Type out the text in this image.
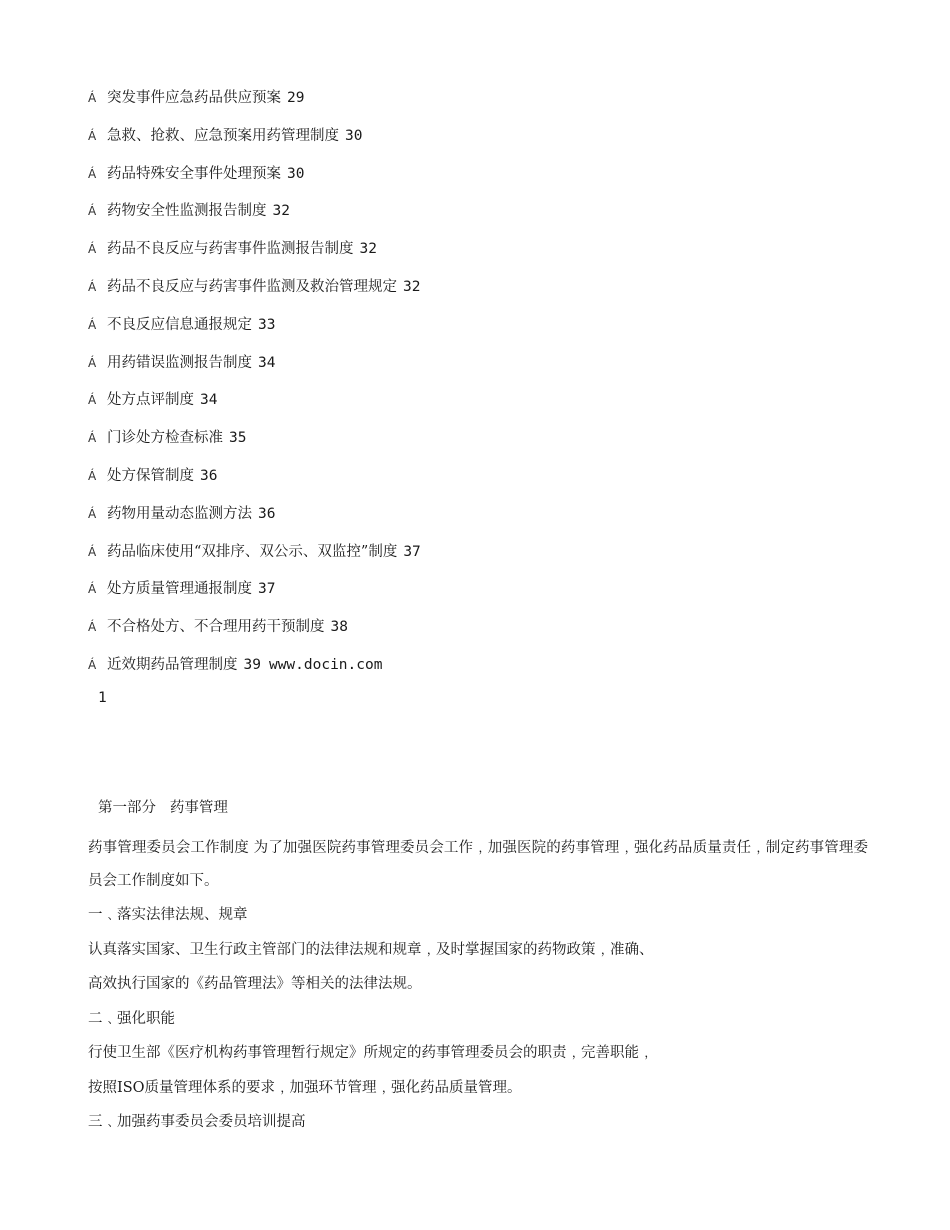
Á 突发事件应急药品供应预案 29
Á 急救、抢救、应急预案用药管理制度 30
Á 药品特殊安全事件处理预案 30
Á 药物安全性监测报告制度 32
Á 药品不良反应与药害事件监测报告制度 32
Á 药品不良反应与药害事件监测及救治管理规定 32
Á 不良反应信息通报规定 33
Á 用药错误监测报告制度 34
Á 处方点评制度 34
Á 门诊处方检查标准 35
Á 处方保管制度 36
Á 药物用量动态监测方法 36
Á 药品临床使用“双排序、双公示、双监控”制度 37
Á 处方质量管理通报制度 37
Á 不合格处方、不合理用药干预制度 38
Á 近效期药品管理制度 39 www.docin.com
1
第一部分   药事管理

药事管理委员会工作制度 为了加强医院药事管理委员会工作﹐加强医院的药事管理﹐强化药品质量责任﹐制定药事管理委员会工作制度如下。

一﹑落实法律法规、规章

认真落实国家、卫生行政主管部门的法律法规和规章﹐及时掌握国家的药物政策﹐准确、

高效执行国家的《药品管理法》等相关的法律法规。

二﹑强化职能

行使卫生部《医疗机构药事管理暂行规定》所规定的药事管理委员会的职责﹐完善职能﹐

按照ISO质量管理体系的要求﹐加强环节管理﹐强化药品质量管理。

三﹑加强药事委员会委员培训提高
